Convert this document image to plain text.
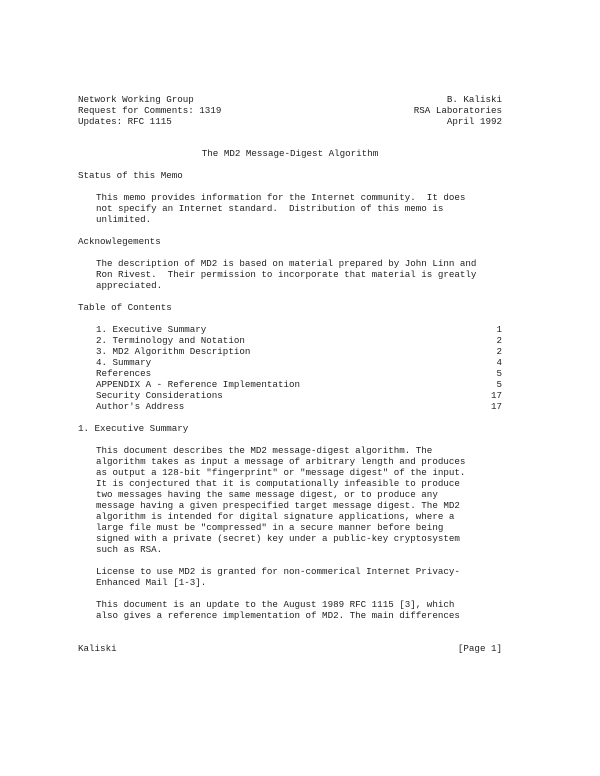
Network Working Group	B. Kaliski
Request for Comments: 1319	RSA Laboratories
Updates: RFC 1115	April 1992
The MD2 Message-Digest Algorithm
Status of this Memo
This memo provides information for the Internet community.  It does
not specify an Internet standard.  Distribution of this memo is
unlimited.
Acknowlegements
The description of MD2 is based on material prepared by John Linn and
Ron Rivest.  Their permission to incorporate that material is greatly
appreciated.
Table of Contents
1. Executive Summary	1
2. Terminology and Notation	2
3. MD2 Algorithm Description	2
4. Summary	4
References	5
APPENDIX A - Reference Implementation	5
Security Considerations	17
Author's Address	17
1. Executive Summary
This document describes the MD2 message-digest algorithm. The
algorithm takes as input a message of arbitrary length and produces
as output a 128-bit "fingerprint" or "message digest" of the input.
It is conjectured that it is computationally infeasible to produce
two messages having the same message digest, or to produce any
message having a given prespecified target message digest. The MD2
algorithm is intended for digital signature applications, where a
large file must be "compressed" in a secure manner before being
signed with a private (secret) key under a public-key cryptosystem
such as RSA.
License to use MD2 is granted for non-commerical Internet Privacy-
Enhanced Mail [1-3].
This document is an update to the August 1989 RFC 1115 [3], which
also gives a reference implementation of MD2. The main differences
Kaliski	[Page 1]
